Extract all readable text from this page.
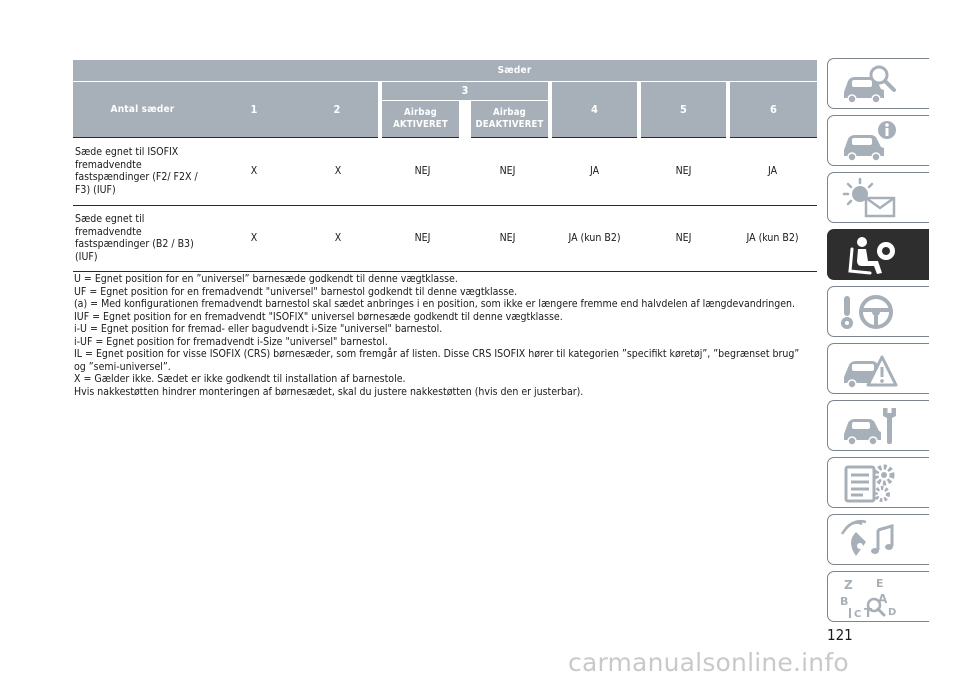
	Sæder						
Antal sæder	1	2	3		4	5	6
			Airbag AKTIVERET	Airbag DEAKTIVERET			
Sæde egnet til ISOFIX fremadvendte fastspændinger (F2/ F2X / F3) (IUF)	X	X	NEJ	NEJ	JA	NEJ	JA
Sæde egnet til fremadvendte fastspændinger (B2 / B3) (IUF)	X	X	NEJ	NEJ	JA (kun B2)	NEJ	JA (kun B2)

U = Egnet position for en ”universel” barnesæde godkendt til denne vægtklasse.

UF = Egnet position for en fremadvendt "universel" barnestol godkendt til denne vægtklasse.

(a) = Med konfigurationen fremadvendt barnestol skal sædet anbringes i en position, som ikke er længere fremme end halvdelen af længdevandringen.

IUF = Egnet position for en fremadvendt "ISOFIX" universel børnesæde godkendt til denne vægtklasse.

i-U = Egnet position for fremad- eller bagudvendt i-Size "universel" barnestol.

i-UF = Egnet position for fremadvendt i-Size "universel" barnestol.

IL = Egnet position for visse ISOFIX (CRS) børnesæder, som fremgår af listen. Disse CRS ISOFIX hører til kategorien ”specifikt køretøj”, ”begrænset brug” og ”semi-universel”.

X = Gælder ikke. Sædet er ikke godkendt til installation af barnestole.

Hvis nakkestøtten hindrer monteringen af børnesædet, skal du justere nakkestøtten (hvis den er justerbar).

Z E
B A
C T D
121
carmanualsonline.info
